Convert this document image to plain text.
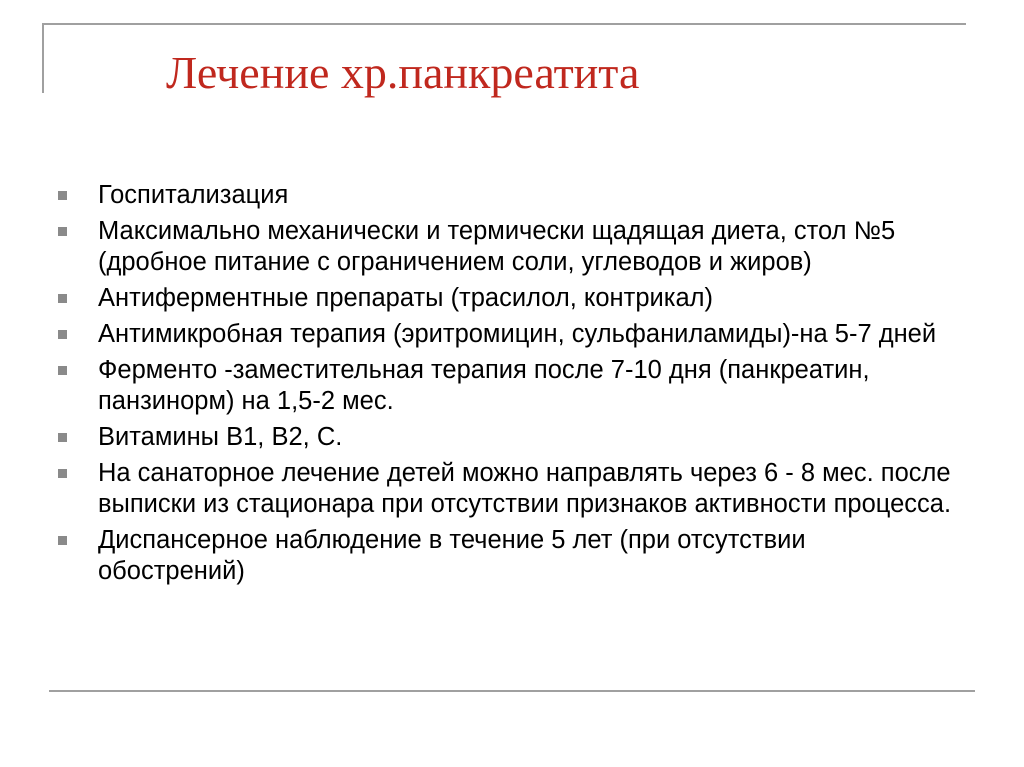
Лечение хр.панкреатита
Госпитализация
Максимально механически и термически щадящая диета, стол №5 (дробное питание с ограничением соли, углеводов и жиров)
Антиферментные препараты (трасилол, контрикал)
Антимикробная терапия (эритромицин, сульфаниламиды)-на 5-7 дней
Ферменто -заместительная терапия после 7-10 дня (панкреатин, панзинорм) на 1,5-2 мес.
Витамины В1, В2, С.
На санаторное лечение детей можно направлять через 6 - 8 мес. после выписки из стационара при отсутствии признаков активности процесса.
Диспансерное наблюдение в течение 5 лет (при отсутствии обострений)
